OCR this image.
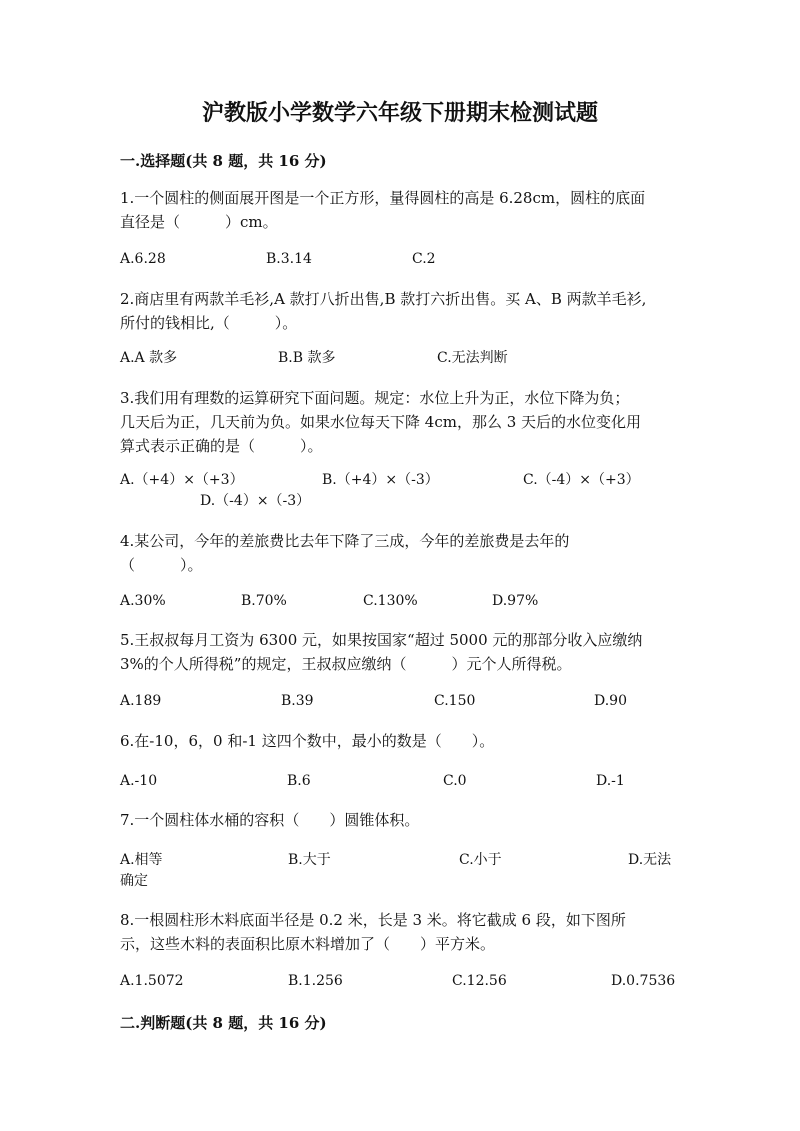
沪教版小学数学六年级下册期末检测试题
一.选择题(共 8 题，共 16 分)
1.一个圆柱的侧面展开图是一个正方形，量得圆柱的高是 6.28cm，圆柱的底面
直径是（　　　）cm。
A.6.28	B.3.14	C.2
2.商店里有两款羊毛衫,A 款打八折出售,B 款打六折出售。买 A、B 两款羊毛衫,
所付的钱相比,（　　　）。
A.A 款多	B.B 款多	C.无法判断
3.我们用有理数的运算研究下面问题。规定：水位上升为正，水位下降为负；
几天后为正，几天前为负。如果水位每天下降 4cm，那么 3 天后的水位变化用
算式表示正确的是（　　　）。
A.（+4）×（+3）	B.（+4）×（-3）	C.（-4）×（+3）
D.（-4）×（-3）
4.某公司，今年的差旅费比去年下降了三成，今年的差旅费是去年的
（　　　）。
A.30%	B.70%	C.130%	D.97%
5.王叔叔每月工资为 6300 元，如果按国家“超过 5000 元的那部分收入应缴纳
3%的个人所得税”的规定，王叔叔应缴纳（　　　）元个人所得税。
A.189	B.39	C.150	D.90
6.在-10，6，0 和-1 这四个数中，最小的数是（　　）。
A.-10	B.6	C.0	D.-1
7.一个圆柱体水桶的容积（　　）圆锥体积。
A.相等	B.大于	C.小于	D.无法
确定
8.一根圆柱形木料底面半径是 0.2 米，长是 3 米。将它截成 6 段，如下图所
示，这些木料的表面积比原木料增加了（　　）平方米。
A.1.5072	B.1.256	C.12.56	D.0.7536
二.判断题(共 8 题，共 16 分)
